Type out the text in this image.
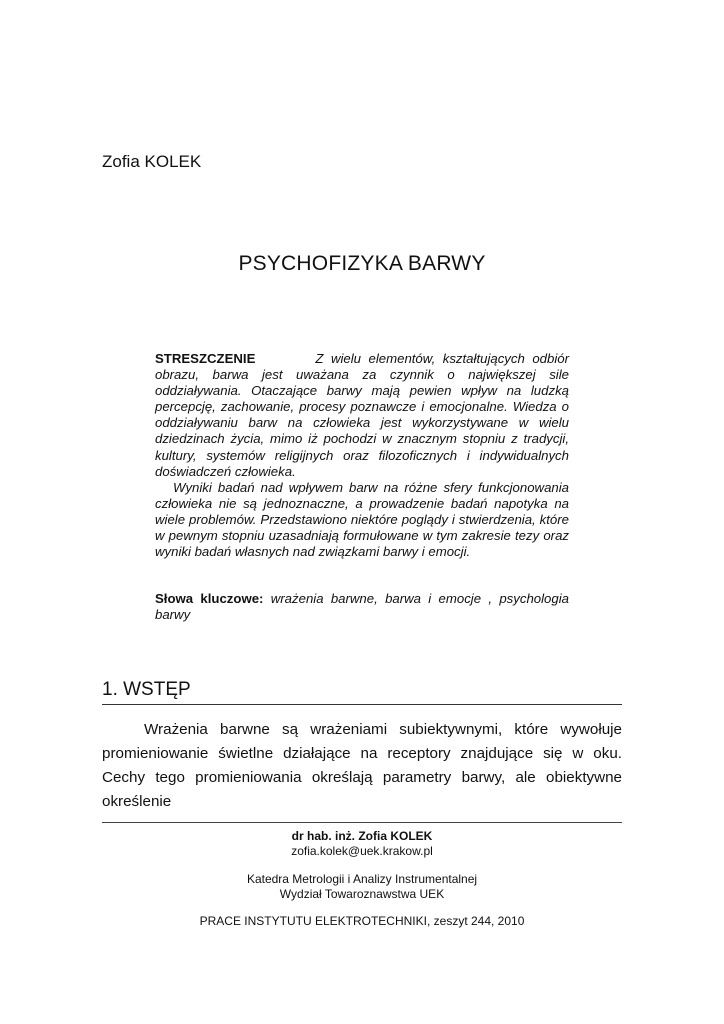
Zofia KOLEK
PSYCHOFIZYKA BARWY

STRESZCZENIE	Z wielu elementów, kształtujących odbiór obrazu, barwa jest uważana za czynnik o największej sile oddziaływania. Otaczające barwy mają pewien wpływ na ludzką percepcję, zachowanie, procesy poznawcze i emocjonalne. Wiedza o oddziaływaniu barw na człowieka jest wykorzystywane w wielu dziedzinach życia, mimo iż pochodzi w znacznym stopniu z tradycji, kultury, systemów religijnych oraz filozoficznych i indywidualnych doświadczeń człowieka.

Wyniki badań nad wpływem barw na różne sfery funkcjonowania człowieka nie są jednoznaczne, a prowadzenie badań napotyka na wiele problemów. Przedstawiono niektóre poglądy i stwierdzenia, które w pewnym stopniu uzasadniają formułowane w tym zakresie tezy oraz wyniki badań własnych nad związkami barwy i emocji.

Słowa kluczowe: wrażenia barwne, barwa i emocje , psychologia barwy
1. WSTĘP

Wrażenia barwne są wrażeniami subiektywnymi, które wywołuje promieniowanie świetlne działające na receptory znajdujące się w oku. Cechy tego promieniowania określają parametry barwy, ale obiektywne określenie

dr hab. inż. Zofia KOLEK
zofia.kolek@uek.krakow.pl
Katedra Metrologii i Analizy Instrumentalnej
Wydział Towaroznawstwa UEK
PRACE INSTYTUTU ELEKTROTECHNIKI, zeszyt 244, 2010
